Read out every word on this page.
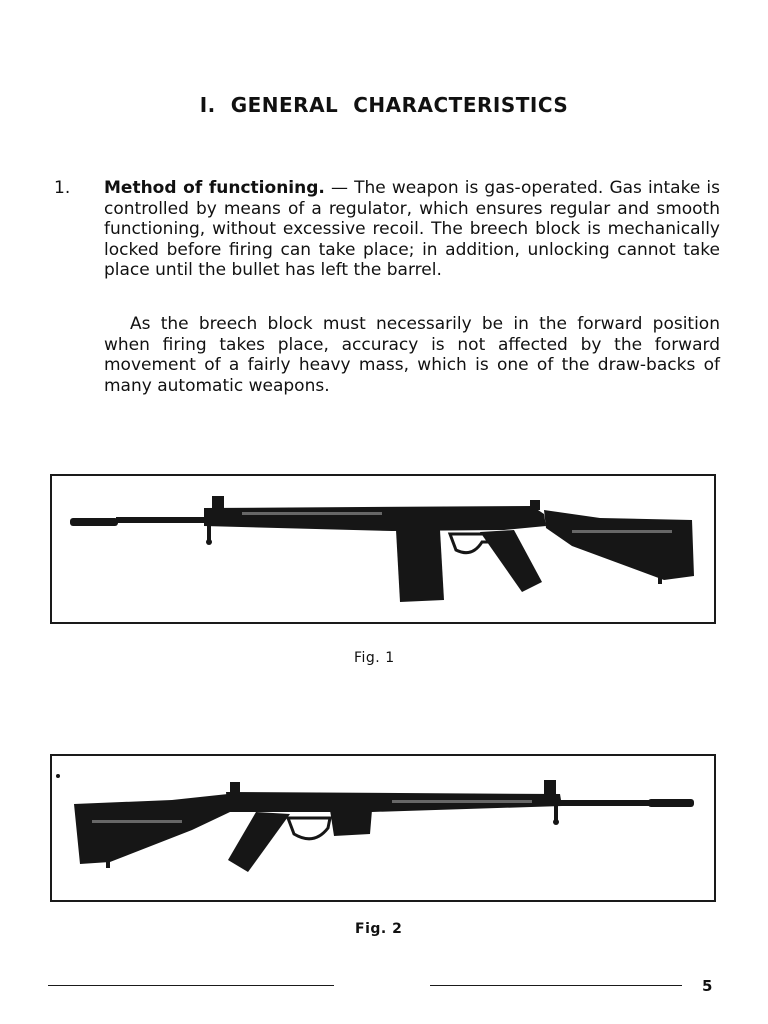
I.  GENERAL  CHARACTERISTICS
1. Method of functioning. — The weapon is gas-operated. Gas intake is controlled by means of a regulator, which ensures regular and smooth functioning, without excessive recoil. The breech block is mechanically locked before firing can take place; in addition, unlocking cannot take place until the bullet has left the barrel.
As the breech block must necessarily be in the forward position when firing takes place, accuracy is not affected by the forward movement of a fairly heavy mass, which is one of the draw-backs of many automatic weapons.
Fig. 1
Fig. 2
5
